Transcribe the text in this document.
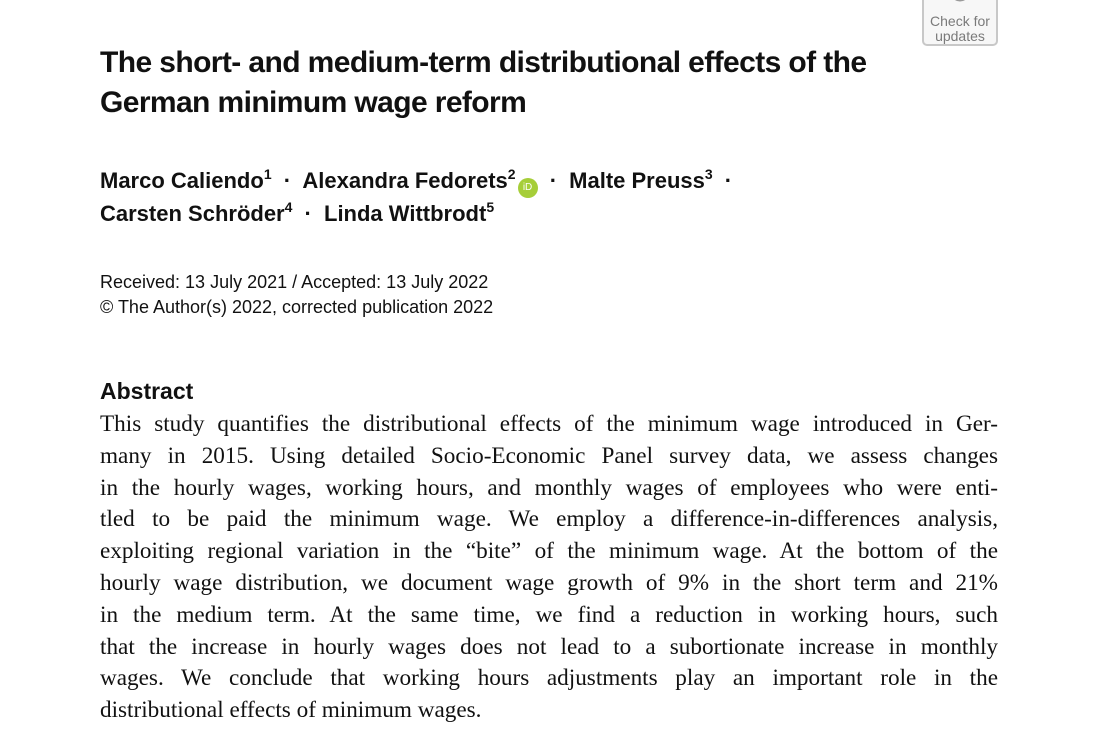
Check for
updates
The short- and medium-term distributional effects of the
German minimum wage reform
Marco Caliendo$^1$ · Alexandra Fedorets$^2$iD · Malte Preuss$^3$ ·
Carsten Schröder$^4$ · Linda Wittbrodt$^5$
Received: 13 July 2021 / Accepted: 13 July 2022
© The Author(s) 2022, corrected publication 2022
Abstract
This study quantifies the distributional effects of the minimum wage introduced in Ger-
many in 2015. Using detailed Socio-Economic Panel survey data, we assess changes
in the hourly wages, working hours, and monthly wages of employees who were enti-
tled to be paid the minimum wage. We employ a difference-in-differences analysis,
exploiting regional variation in the “bite” of the minimum wage. At the bottom of the
hourly wage distribution, we document wage growth of 9% in the short term and 21%
in the medium term. At the same time, we find a reduction in working hours, such
that the increase in hourly wages does not lead to a subortionate increase in monthly
wages. We conclude that working hours adjustments play an important role in the
distributional effects of minimum wages.
